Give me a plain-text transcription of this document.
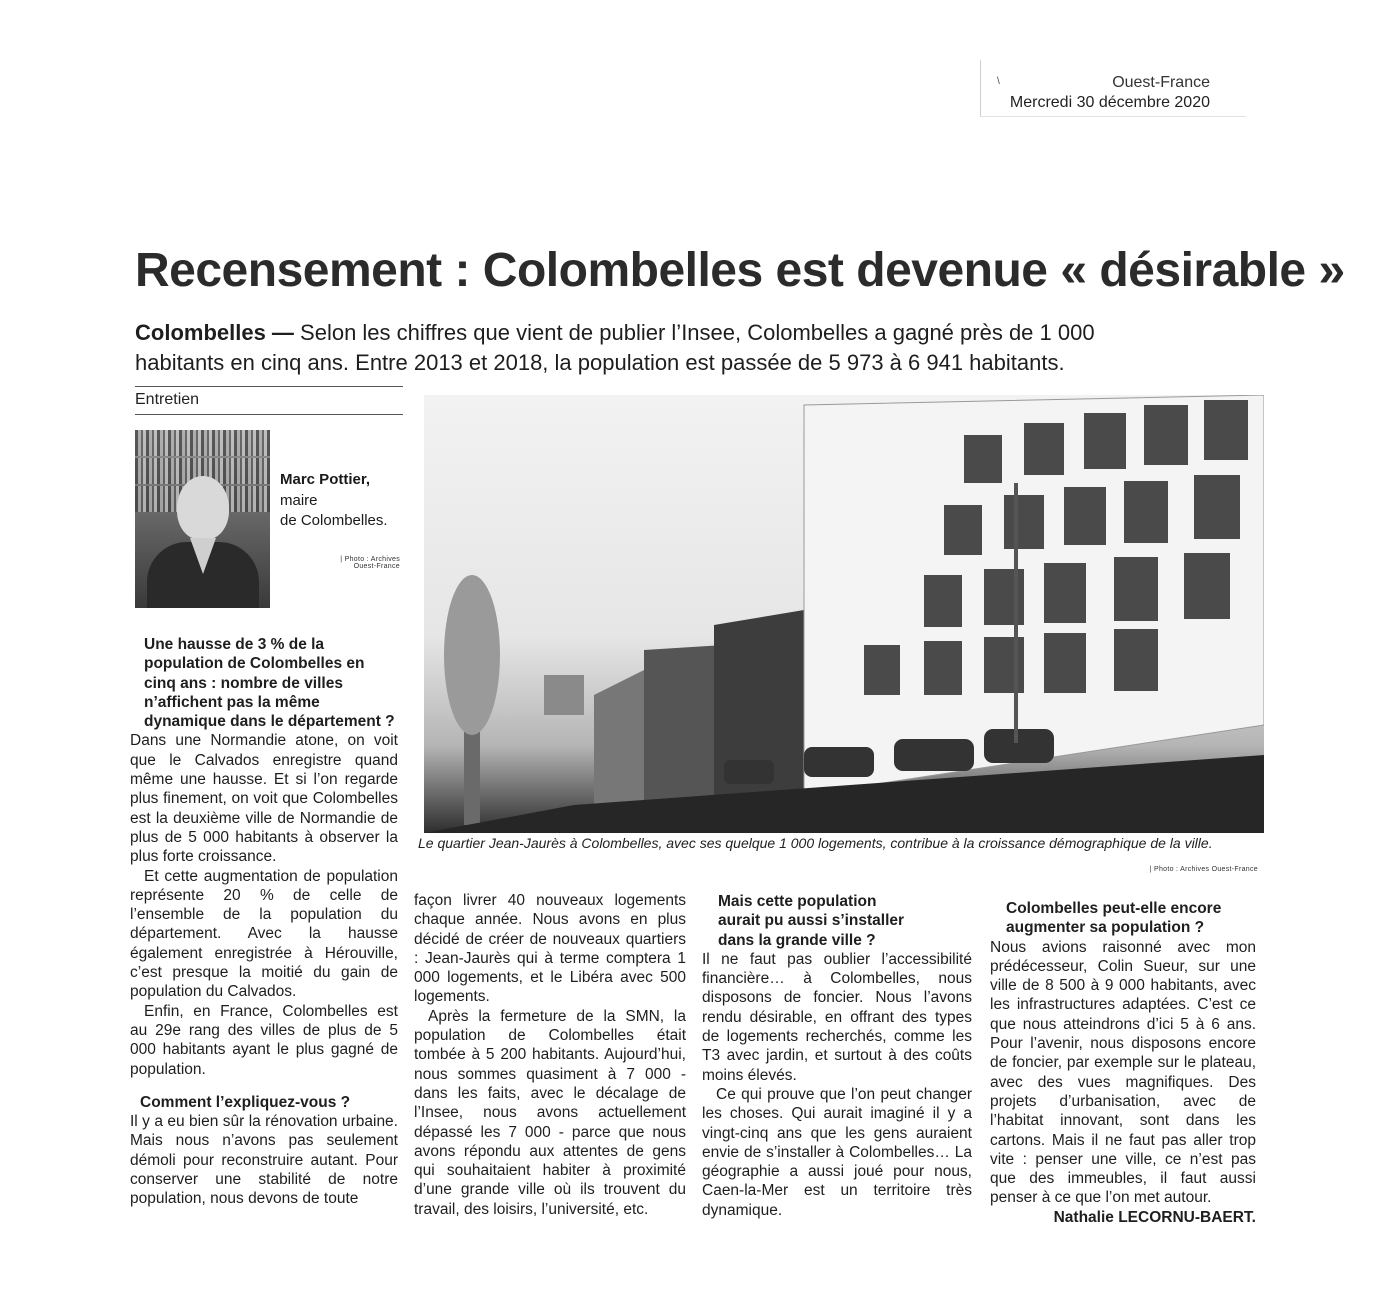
\	Ouest-France
Mercredi 30 décembre 2020
Recensement : Colombelles est devenue « désirable »
Colombelles — Selon les chiffres que vient de publier l’Insee, Colombelles a gagné près de 1 000 habitants en cinq ans. Entre 2013 et 2018, la population est passée de 5 973 à 6 941 habitants.
Entretien
Marc Pottier,
maire
de Colombelles.
| Photo : Archives
Ouest-France
Le quartier Jean-Jaurès à Colombelles, avec ses quelque 1 000 logements, contribue à la croissance démographique de la ville.
| Photo : Archives Ouest-France

Une hausse de 3 % de la population de Colombelles en cinq ans : nombre de villes n’affichent pas la même dynamique dans le département ?

Dans une Normandie atone, on voit que le Calvados enregistre quand même une hausse. Et si l’on regarde plus finement, on voit que Colombelles est la deuxième ville de Normandie de plus de 5 000 habitants à observer la plus forte croissance.

Et cette augmentation de population représente 20 % de celle de l’ensemble de la population du département. Avec la hausse également enregistrée à Hérouville, c’est presque la moitié du gain de population du Calvados.

Enfin, en France, Colombelles est au 29e rang des villes de plus de 5 000 habitants ayant le plus gagné de population.

Comment l’expliquez-vous ?

Il y a eu bien sûr la rénovation urbaine. Mais nous n’avons pas seulement démoli pour reconstruire autant. Pour conserver une stabilité de notre population, nous devons de toute

façon livrer 40 nouveaux logements chaque année. Nous avons en plus décidé de créer de nouveaux quartiers : Jean-Jaurès qui à terme comptera 1 000 logements, et le Libéra avec 500 logements.

Après la fermeture de la SMN, la population de Colombelles était tombée à 5 200 habitants. Aujourd’hui, nous sommes quasiment à 7 000 - dans les faits, avec le décalage de l’Insee, nous avons actuellement dépassé les 7 000 - parce que nous avons répondu aux attentes de gens qui souhaitaient habiter à proximité d’une grande ville où ils trouvent du travail, des loisirs, l’université, etc.

Mais cette population aurait pu aussi s’installer dans la grande ville ?

Il ne faut pas oublier l’accessibilité financière… à Colombelles, nous disposons de foncier. Nous l’avons rendu désirable, en offrant des types de logements recherchés, comme les T3 avec jardin, et surtout à des coûts moins élevés.

Ce qui prouve que l’on peut changer les choses. Qui aurait imaginé il y a vingt-cinq ans que les gens auraient envie de s’installer à Colombelles… La géographie a aussi joué pour nous, Caen-la-Mer est un territoire très dynamique.

Colombelles peut-elle encore augmenter sa population ?

Nous avions raisonné avec mon prédécesseur, Colin Sueur, sur une ville de 8 500 à 9 000 habitants, avec les infrastructures adaptées. C’est ce que nous atteindrons d’ici 5 à 6 ans. Pour l’avenir, nous disposons encore de foncier, par exemple sur le plateau, avec des vues magnifiques. Des projets d’urbanisation, avec de l’habitat innovant, sont dans les cartons. Mais il ne faut pas aller trop vite : penser une ville, ce n’est pas que des immeubles, il faut aussi penser à ce que l’on met autour.

Nathalie LECORNU-BAERT.
